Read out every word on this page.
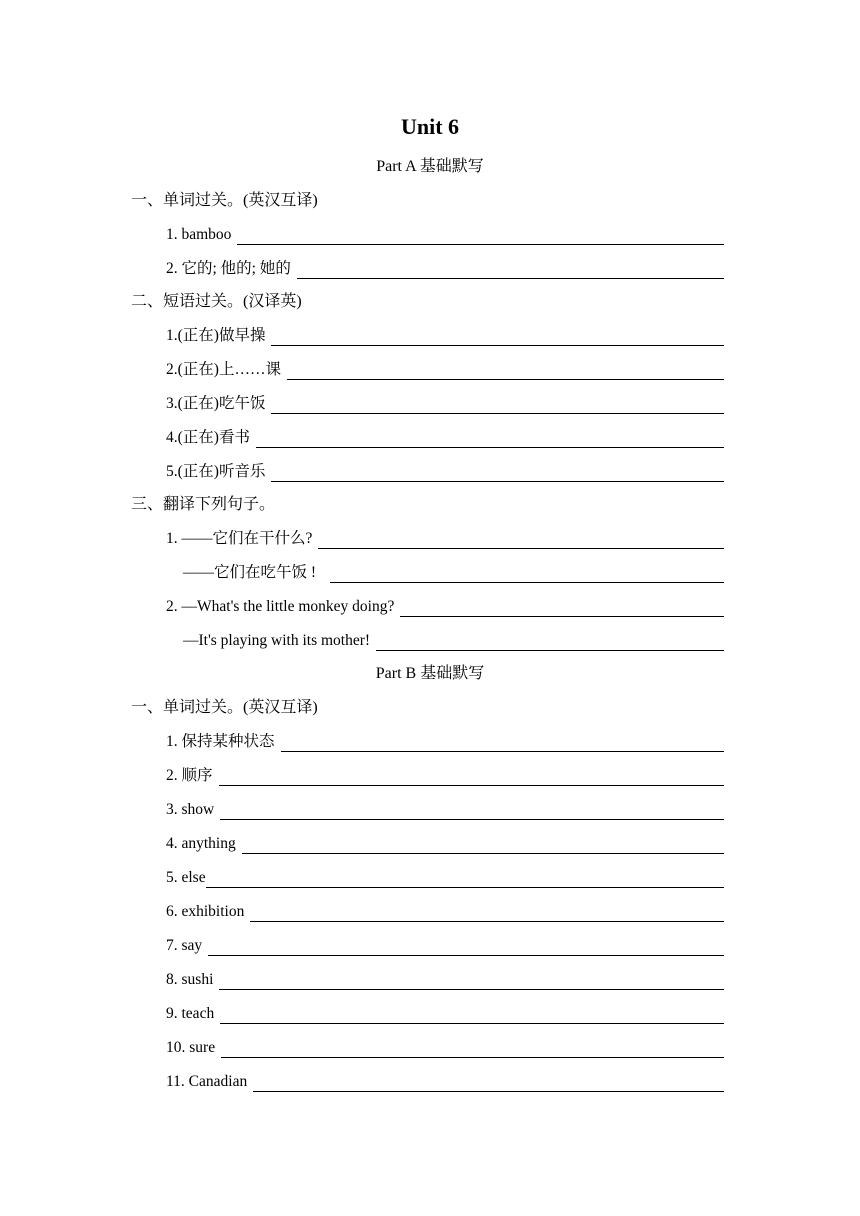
Unit 6
Part A 基础默写
一、单词过关。(英汉互译)
1. bamboo
2. 它的; 他的; 她的
二、短语过关。(汉译英)
1.(正在)做早操
2.(正在)上……课
3.(正在)吃午饭
4.(正在)看书
5.(正在)听音乐
三、翻译下列句子。
1. ——它们在干什么?
——它们在吃午饭 !
2. —What's the little monkey doing?
—It's playing with its mother!
Part B 基础默写
一、单词过关。(英汉互译)
1. 保持某种状态
2. 顺序
3. show
4. anything
5. else
6. exhibition
7. say
8. sushi
9. teach
10. sure
11. Canadian
